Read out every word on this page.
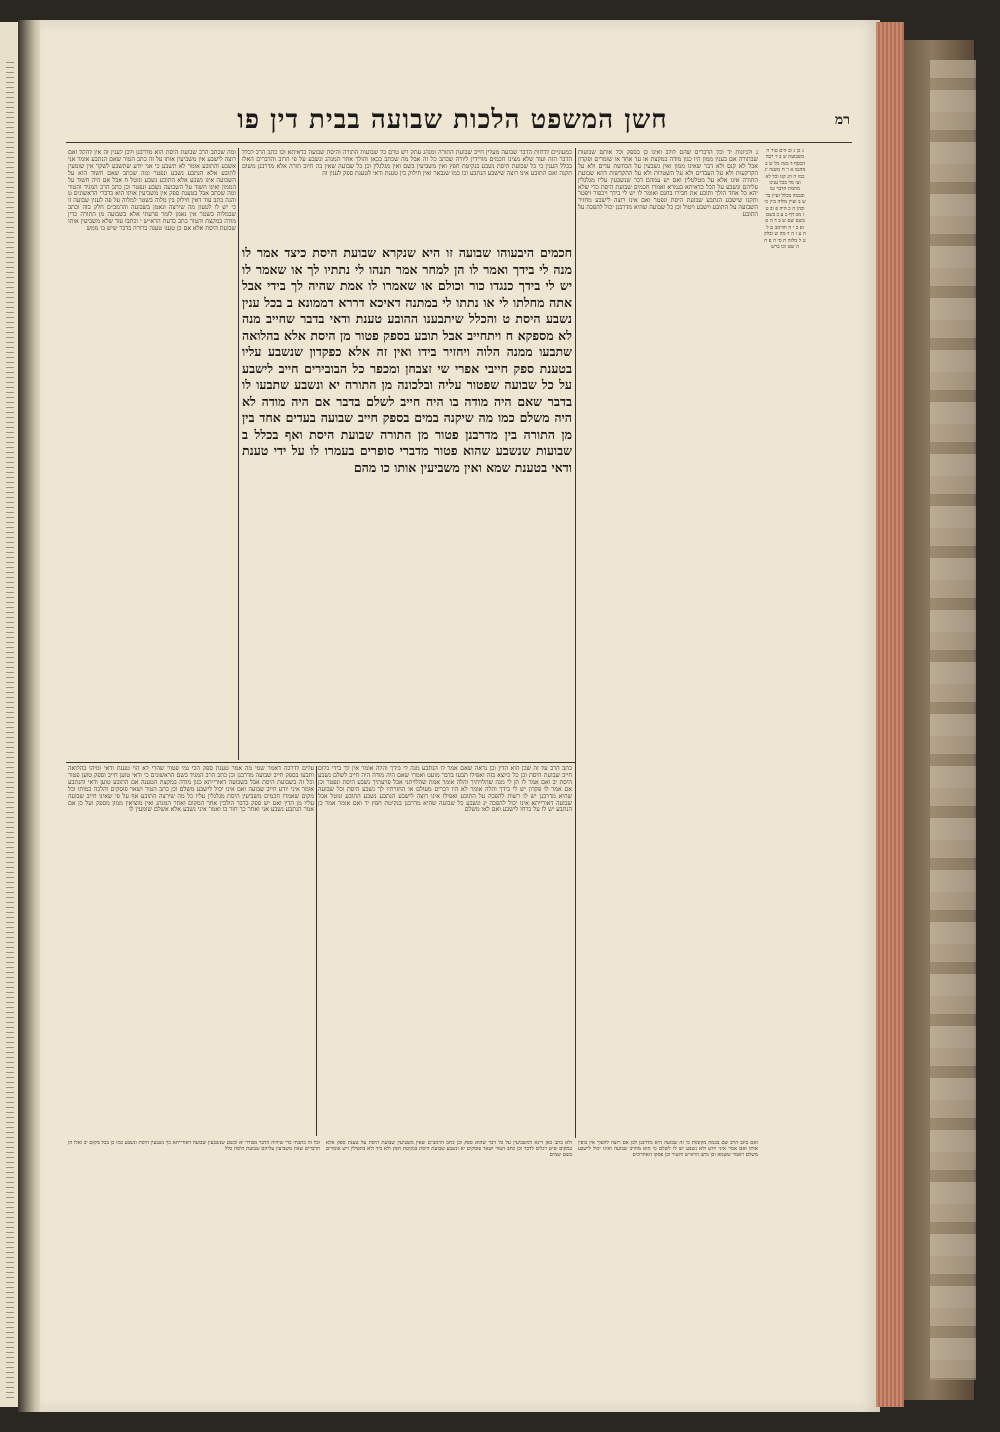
רמ
חשן המשפט הלכות שבועה בבית דין פו
ג כן ג וב הים טור ה משבועת ש ב ד רבה הכסף ד מנה מל ש ב מהגמ א ר ח משנה יג כמו ה הג קנו וכל לא ועי מד בכל ענינו מחמת הדבר גמ ובכמה בכלל ועיין בר ש ב ועיין מלוה ביין כי וכהן ה כ היה פ וב ט ז מכ דף כ ע ב בשם בשם שם ש ב ד ה ט ופ ב י ח והרמב ם ל ח ע ז ה ד מה ש ובלק ט ל מלוה ת סי ה פ ח ה שם וכו ברש
ג ולגיונות יד וכל הדברים שהם לולב ואינו כן בספק וכל אותם שבועות שבתורה אם בענין ממון היו כגון מודה במקצת או עד אחד או שומרים ופקדון אבל לא קנס ולא דבר שאינו ממון ואין נשבעין על הכחשת עדים ולא על הקרקעות ולא על העבדים ולא על השטרות ולא על ההקדשות דהא שבועת התורה אינו אלא על מטלטלין ואם יש עמהם דבר שנשבעין עליו מגלגלין עליהם ונשבע על הכל כדאיתא בגמרא ואמרו חכמים שבועת היסת כדי שלא יהא כל אחד הולך ותובע את חבירו בחנם ואומר לו יש לי בידך ויכפור ויפטר ותקנו שישבע הנתבע שבועת היסת ונפטר ואם אינו רוצה לישבע מחזיר השבועה על התובע וישבע ויטול וכן כל שבועה שהיא מדרבנן יכול להפכה על התובע
כמעוניים לדחות הדבר שבועה מעלין חייב שבועת התורה ומנהג עתק רש טרם כל שבועות התורה והיסת שבועה כדאיתא וכו כתב הרב לכלל הדבר הזה ועוד שלא מצינו חכמים מורידין ליורה שכתב כל זה אבל מה שכתב בכאן והולך אחר המנהג ונשבע על פי הרוב והדברים האלו בכלל הענין כי כל שבועת היסת נשבע בנקיטת חפץ ואין משביעין בשם ואין מגלגלין וכן כל שבועה שאין בה חיוב תורה אלא מדרבנן משום תקנה ואם התובע אינו רוצה שישבע הנתבע וכו כמו שנבאר ואין חילוק בין טענת ודאי לטענת ספק לענין זה
חכמים היבעוהו שבועה זו היא שנקרא שבועת היסת כיצד אמר לו מנה לי בידך ואמר לו הן למחר אמר תנהו לי נתתיו לך או שאמר לו יש לי בידך כנגדו כור וכולם או שאמרו לו אמת שהיה לך בידי אבל אתה מחלתו לי או נתתו לי במתנה דאיכא דררא דממונא ב בכל ענין נשבע היסת ט והכלל שיתבענו ההובע טענת ודאי בדבר שחייב מנה לא מספקא ח ויתחייב אבל תובע בספק פטור מן היסת אלא בהלואה שתבעו ממנה הלוה ויחזיר בידו ואין זה אלא כפקדון שנשבע עליו בטענת ספק חייבי אפרי שי זצבחן ומכפר כל הבובירים חייב לישבע על כל שבועה שפטור עליה ובלכונה מן התורה יא ונשבע שתבעו לו בדבר שאם היה מודה בו היה חייב לשלם בדבר אם היה מודה לא היה משלם כמו מה שיקנה במים בספק חייב שבועה בעדים אחד בין מן התורה בין מדרבנן פטור מן התורה שבועת היסת ואף בכלל ב שבועות שנשבע שהוא פטור מדברי סופרים בעמרו לו על ידי טענת ודאי בטענת שמא ואין משביעין אותו כו מהם
ומה שכתב הרב שבועת היסת הוא מדרבנן ולכן לענין זה אין להקל ואם רוצה לישבע אין משביעין אותו על זה כתב הטור שאם הנתבע אומר אני אשבע והתובע אומר לא תשבע כי אני יודע שתשבע לשקר אין שומעין לתובע אלא הנתבע נשבע ונפטר ומה שכתב שאם חשוד הוא על השבועה אינו נשבע אלא התובע נשבע ונוטל ח אבל אם היה חשוד על הממון ואינו חשוד על השבועה נשבע ונפטר וכן כתב הרב המגיד והטור ומה שכתב אבל בטענת ספק אין משביעין אותו הוא כדברי הראשונים ט והנה כתב עוד דאין חילוק בין מלוה בשטר למלוה על פה לענין שבועה זו כי יש לו לטעון מה שירצה ונאמן בשבועה והרמב״ם חלק בזה וכתב שבמלוה בשטר אין נאמן לומר פרעתי אלא בשבועה מן התורה כדין מודה במקצת והטור כתב כדעת הרא״ש י וכתבו עוד שלא משביעין אותו שבועת היסת אלא אם כן טענו טענה ברורה בדבר שיש בו ממש
כתב הרב על זה שכן הוא הדין וכן נראה שאם אמר לו הנתבע מנה לי בידך והלה אומר אין לך בידי כלום חייב שבועת היסת וכן כל כיוצא בזה ואפילו תבעו בדבר מועט ואמרו שאם היה מודה היה חייב לשלם נשבע היסת יב ואם אמר לו תן לי מנה שהלויתיך והלה אומר אמת שהלויתני אבל פרעתיך נשבע היסת ונפטר וכן אם אמר לו פקדון יש לי בידך והלה אומר לא היו דברים מעולם או החזרתיו לך נשבע היסת וכל שבועה שהיא מדרבנן יש לו רשות להפכה על התובע ואפילו אינו רוצה לישבע הנתבע נשבע התובע ונוטל אבל שבועה דאורייתא אינו יכול להפכה יג ונשבע כל שבועה שהיא מדרבנן בנקיטת חפץ יד ואם אומר אמר כן הנתבע יש לו על כרחו לישבע ואם לאו משלם
עלים לדרכה דאמר שמי מה אמר טענת ספק הכי נמי פטור שהרי לא הוי טענת ודאי ומיהו בהלואה ותבעו בספק חייב שבועה מדרבנן וכן כתב הרב המגיד בשם הראשונים כי ודאי טוען חייב וספק טוען פטור וכל זה בשבועת היסת אבל בשבועה דאורייתא כגון מודה במקצת הטענה אם התובע טוען ודאי והנתבע אומר איני יודע חייב שבועה ואם אינו יכול לישבע משלם וכן כתב הטור ושאר פוסקים והלכה כמותו וכל מקום שאמרו חכמים משביעין היסת מגלגלין עליו כל מה שירצה התובע אף על פי שאינו חייב שבועה עליו מן הדין ואם יש ספק בדבר הולכין אחר המקום ואחר המנהג ואין מוציאין ממון מספק ועל כן אם אמר הנתבע נשבע אני ואחר כך חזר בו ואמר איני נשבע אלא אשלם שומעין לו
ואם כתב הרב שם בכמה מקומות כי זה שבועה היא מדרבנן לכן אם רוצה להפוך אין כופין אותו ואם אמר איני יודע ולא נשבע יש לו לשלם כי הוא מחויב שבועה ואינו יכול לישבע משלם ויאמר ששמא וכן כתב הרא״ש והטור וכן פסקו האחרונים
ולא כתב כאן דינא דמשביעין על כל דבר שהוא ספק וכן כתב הרמב״ם שאין משביעין שבועת היסת על טענת ספק אלא במקום שיש רגלים לדבר וכן כתב הטור ושאר פוסקים יא ונשבע שבועת היסת בנקיטת חפץ ולא ביד ולא בתפילין ויש אומרים בשם שמים
וכל זה כתבתי כדי שיהיה הדבר מבורר יא וכשם שנשבעין שבועה דאורייתא כך נשבעין היסת ונשבע כמו כן בכל מקום יב ואלו הן הדברים שאין משביעין עליהם שבועת היסת כלל
